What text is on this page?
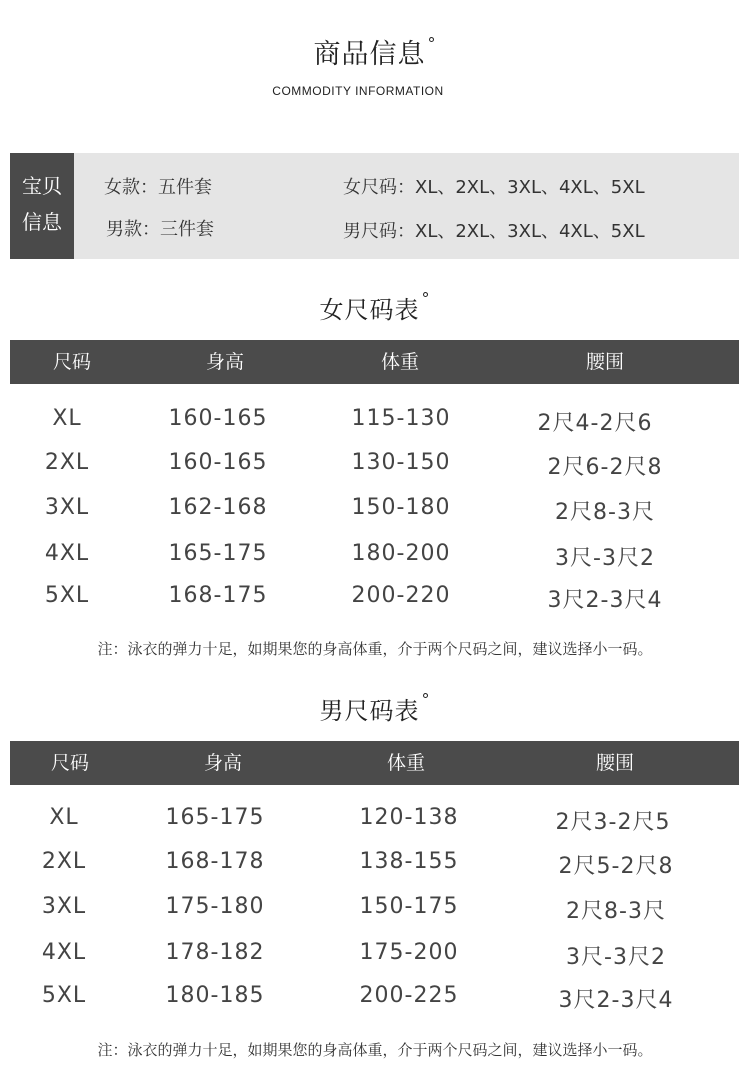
商品信息 °
COMMODITY INFORMATION
宝贝
信息
女款：五件套
男款：三件套
女尺码：XL、2XL、3XL、4XL、5XL
男尺码：XL、2XL、3XL、4XL、5XL
女尺码表 °
尺码	身高	体重	腰围
XL	160-165	115-130	2尺4-2尺6
2XL	160-165	130-150	2尺6-2尺8
3XL	162-168	150-180	2尺8-3尺
4XL	165-175	180-200	3尺-3尺2
5XL	168-175	200-220	3尺2-3尺4
注：泳衣的弹力十足，如期果您的身高体重，介于两个尺码之间，建议选择小一码。
男尺码表 °
尺码	身高	体重	腰围
XL	165-175	120-138	2尺3-2尺5
2XL	168-178	138-155	2尺5-2尺8
3XL	175-180	150-175	2尺8-3尺
4XL	178-182	175-200	3尺-3尺2
5XL	180-185	200-225	3尺2-3尺4
注：泳衣的弹力十足，如期果您的身高体重，介于两个尺码之间，建议选择小一码。
